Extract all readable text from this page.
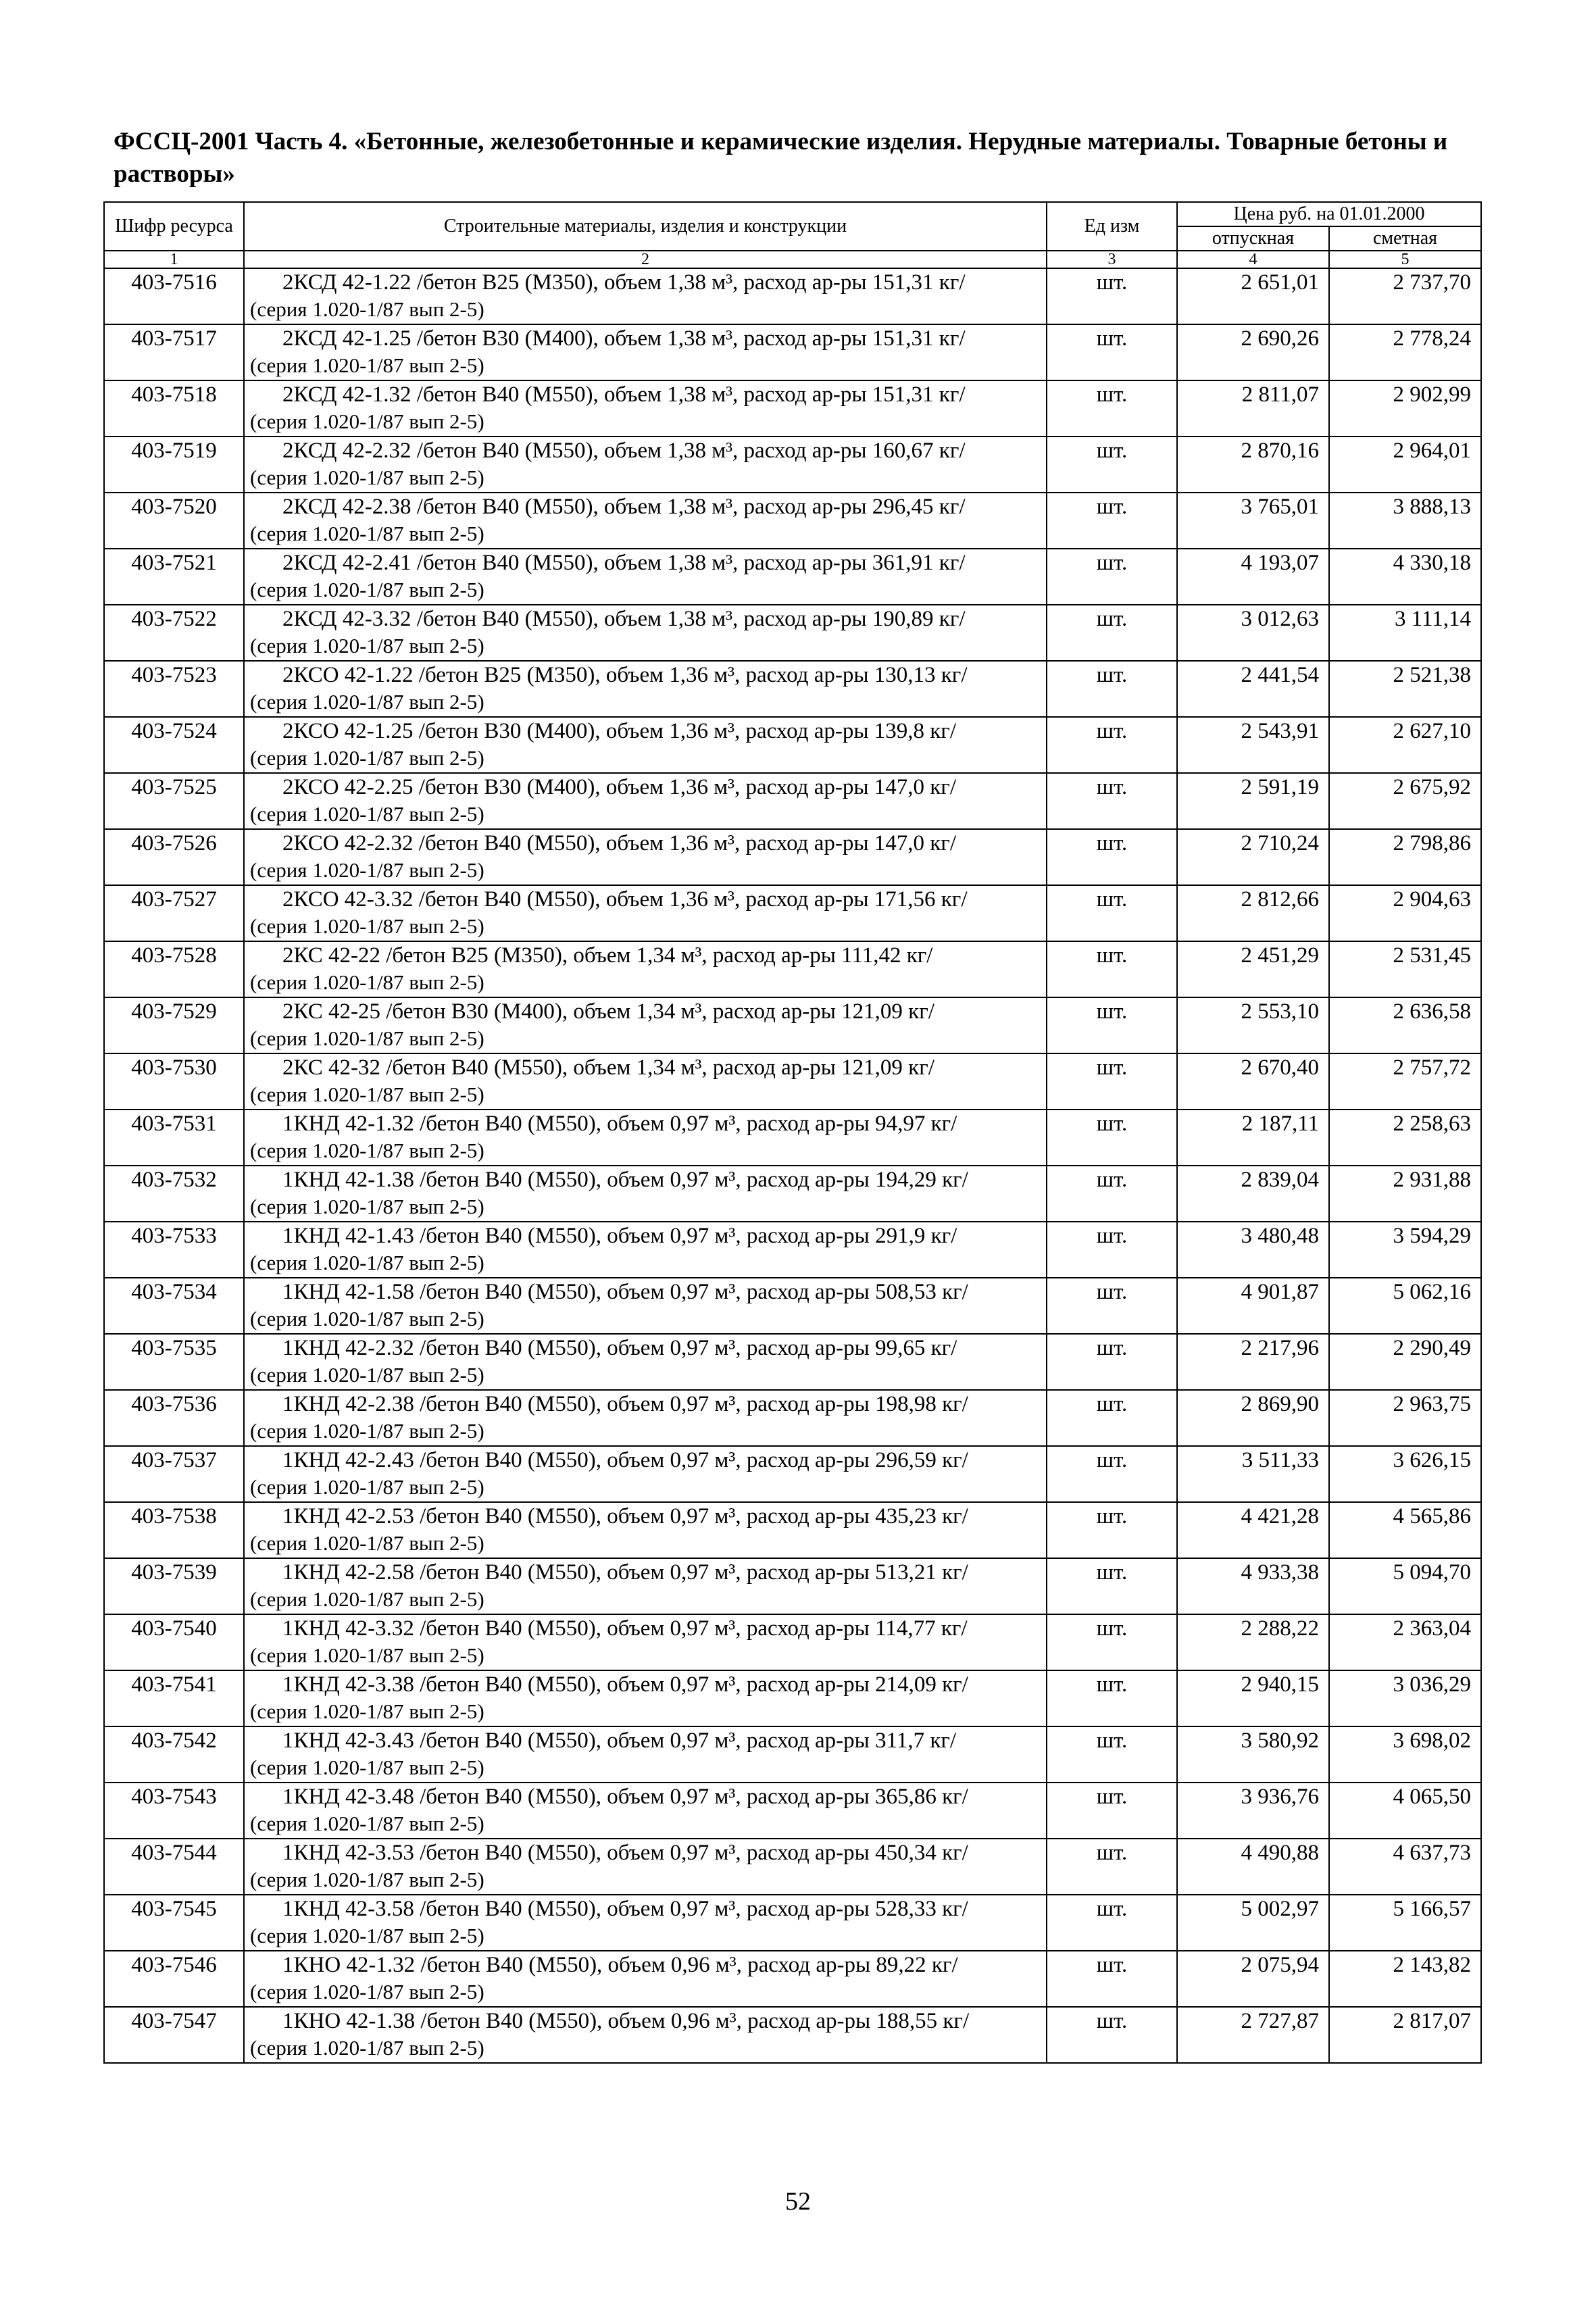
ФССЦ-2001 Часть 4. «Бетонные, железобетонные и керамические изделия. Нерудные материалы. Товарные бетоны и растворы»
Шифр ресурса	Строительные материалы, изделия и конструкции	Ед изм	Цена руб. на 01.01.2000	
			отпускная	сметная
1	2	3	4	5
403-7516	2КСД 42-1.22 /бетон В25 (М350), объем 1,38 м³, расход ар-ры 151,31 кг/
(серия 1.020-1/87 вып 2-5)	шт.	2 651,01	2 737,70
403-7517	2КСД 42-1.25 /бетон В30 (М400), объем 1,38 м³, расход ар-ры 151,31 кг/
(серия 1.020-1/87 вып 2-5)	шт.	2 690,26	2 778,24
403-7518	2КСД 42-1.32 /бетон В40 (М550), объем 1,38 м³, расход ар-ры 151,31 кг/
(серия 1.020-1/87 вып 2-5)	шт.	2 811,07	2 902,99
403-7519	2КСД 42-2.32 /бетон В40 (М550), объем 1,38 м³, расход ар-ры 160,67 кг/
(серия 1.020-1/87 вып 2-5)	шт.	2 870,16	2 964,01
403-7520	2КСД 42-2.38 /бетон В40 (М550), объем 1,38 м³, расход ар-ры 296,45 кг/
(серия 1.020-1/87 вып 2-5)	шт.	3 765,01	3 888,13
403-7521	2КСД 42-2.41 /бетон В40 (М550), объем 1,38 м³, расход ар-ры 361,91 кг/
(серия 1.020-1/87 вып 2-5)	шт.	4 193,07	4 330,18
403-7522	2КСД 42-3.32 /бетон В40 (М550), объем 1,38 м³, расход ар-ры 190,89 кг/
(серия 1.020-1/87 вып 2-5)	шт.	3 012,63	3 111,14
403-7523	2КСО 42-1.22 /бетон В25 (М350), объем 1,36 м³, расход ар-ры 130,13 кг/
(серия 1.020-1/87 вып 2-5)	шт.	2 441,54	2 521,38
403-7524	2КСО 42-1.25 /бетон В30 (М400), объем 1,36 м³, расход ар-ры 139,8 кг/
(серия 1.020-1/87 вып 2-5)	шт.	2 543,91	2 627,10
403-7525	2КСО 42-2.25 /бетон В30 (М400), объем 1,36 м³, расход ар-ры 147,0 кг/
(серия 1.020-1/87 вып 2-5)	шт.	2 591,19	2 675,92
403-7526	2КСО 42-2.32 /бетон В40 (М550), объем 1,36 м³, расход ар-ры 147,0 кг/
(серия 1.020-1/87 вып 2-5)	шт.	2 710,24	2 798,86
403-7527	2КСО 42-3.32 /бетон В40 (М550), объем 1,36 м³, расход ар-ры 171,56 кг/
(серия 1.020-1/87 вып 2-5)	шт.	2 812,66	2 904,63
403-7528	2КС 42-22 /бетон В25 (М350), объем 1,34 м³, расход ар-ры 111,42 кг/
(серия 1.020-1/87 вып 2-5)	шт.	2 451,29	2 531,45
403-7529	2КС 42-25 /бетон В30 (М400), объем 1,34 м³, расход ар-ры 121,09 кг/
(серия 1.020-1/87 вып 2-5)	шт.	2 553,10	2 636,58
403-7530	2КС 42-32 /бетон В40 (М550), объем 1,34 м³, расход ар-ры 121,09 кг/
(серия 1.020-1/87 вып 2-5)	шт.	2 670,40	2 757,72
403-7531	1КНД 42-1.32 /бетон В40 (М550), объем 0,97 м³, расход ар-ры 94,97 кг/
(серия 1.020-1/87 вып 2-5)	шт.	2 187,11	2 258,63
403-7532	1КНД 42-1.38 /бетон В40 (М550), объем 0,97 м³, расход ар-ры 194,29 кг/
(серия 1.020-1/87 вып 2-5)	шт.	2 839,04	2 931,88
403-7533	1КНД 42-1.43 /бетон В40 (М550), объем 0,97 м³, расход ар-ры 291,9 кг/
(серия 1.020-1/87 вып 2-5)	шт.	3 480,48	3 594,29
403-7534	1КНД 42-1.58 /бетон В40 (М550), объем 0,97 м³, расход ар-ры 508,53 кг/
(серия 1.020-1/87 вып 2-5)	шт.	4 901,87	5 062,16
403-7535	1КНД 42-2.32 /бетон В40 (М550), объем 0,97 м³, расход ар-ры 99,65 кг/
(серия 1.020-1/87 вып 2-5)	шт.	2 217,96	2 290,49
403-7536	1КНД 42-2.38 /бетон В40 (М550), объем 0,97 м³, расход ар-ры 198,98 кг/
(серия 1.020-1/87 вып 2-5)	шт.	2 869,90	2 963,75
403-7537	1КНД 42-2.43 /бетон В40 (М550), объем 0,97 м³, расход ар-ры 296,59 кг/
(серия 1.020-1/87 вып 2-5)	шт.	3 511,33	3 626,15
403-7538	1КНД 42-2.53 /бетон В40 (М550), объем 0,97 м³, расход ар-ры 435,23 кг/
(серия 1.020-1/87 вып 2-5)	шт.	4 421,28	4 565,86
403-7539	1КНД 42-2.58 /бетон В40 (М550), объем 0,97 м³, расход ар-ры 513,21 кг/
(серия 1.020-1/87 вып 2-5)	шт.	4 933,38	5 094,70
403-7540	1КНД 42-3.32 /бетон В40 (М550), объем 0,97 м³, расход ар-ры 114,77 кг/
(серия 1.020-1/87 вып 2-5)	шт.	2 288,22	2 363,04
403-7541	1КНД 42-3.38 /бетон В40 (М550), объем 0,97 м³, расход ар-ры 214,09 кг/
(серия 1.020-1/87 вып 2-5)	шт.	2 940,15	3 036,29
403-7542	1КНД 42-3.43 /бетон В40 (М550), объем 0,97 м³, расход ар-ры 311,7 кг/
(серия 1.020-1/87 вып 2-5)	шт.	3 580,92	3 698,02
403-7543	1КНД 42-3.48 /бетон В40 (М550), объем 0,97 м³, расход ар-ры 365,86 кг/
(серия 1.020-1/87 вып 2-5)	шт.	3 936,76	4 065,50
403-7544	1КНД 42-3.53 /бетон В40 (М550), объем 0,97 м³, расход ар-ры 450,34 кг/
(серия 1.020-1/87 вып 2-5)	шт.	4 490,88	4 637,73
403-7545	1КНД 42-3.58 /бетон В40 (М550), объем 0,97 м³, расход ар-ры 528,33 кг/
(серия 1.020-1/87 вып 2-5)	шт.	5 002,97	5 166,57
403-7546	1КНО 42-1.32 /бетон В40 (М550), объем 0,96 м³, расход ар-ры 89,22 кг/
(серия 1.020-1/87 вып 2-5)	шт.	2 075,94	2 143,82
403-7547	1КНО 42-1.38 /бетон В40 (М550), объем 0,96 м³, расход ар-ры 188,55 кг/
(серия 1.020-1/87 вып 2-5)	шт.	2 727,87	2 817,07
52
